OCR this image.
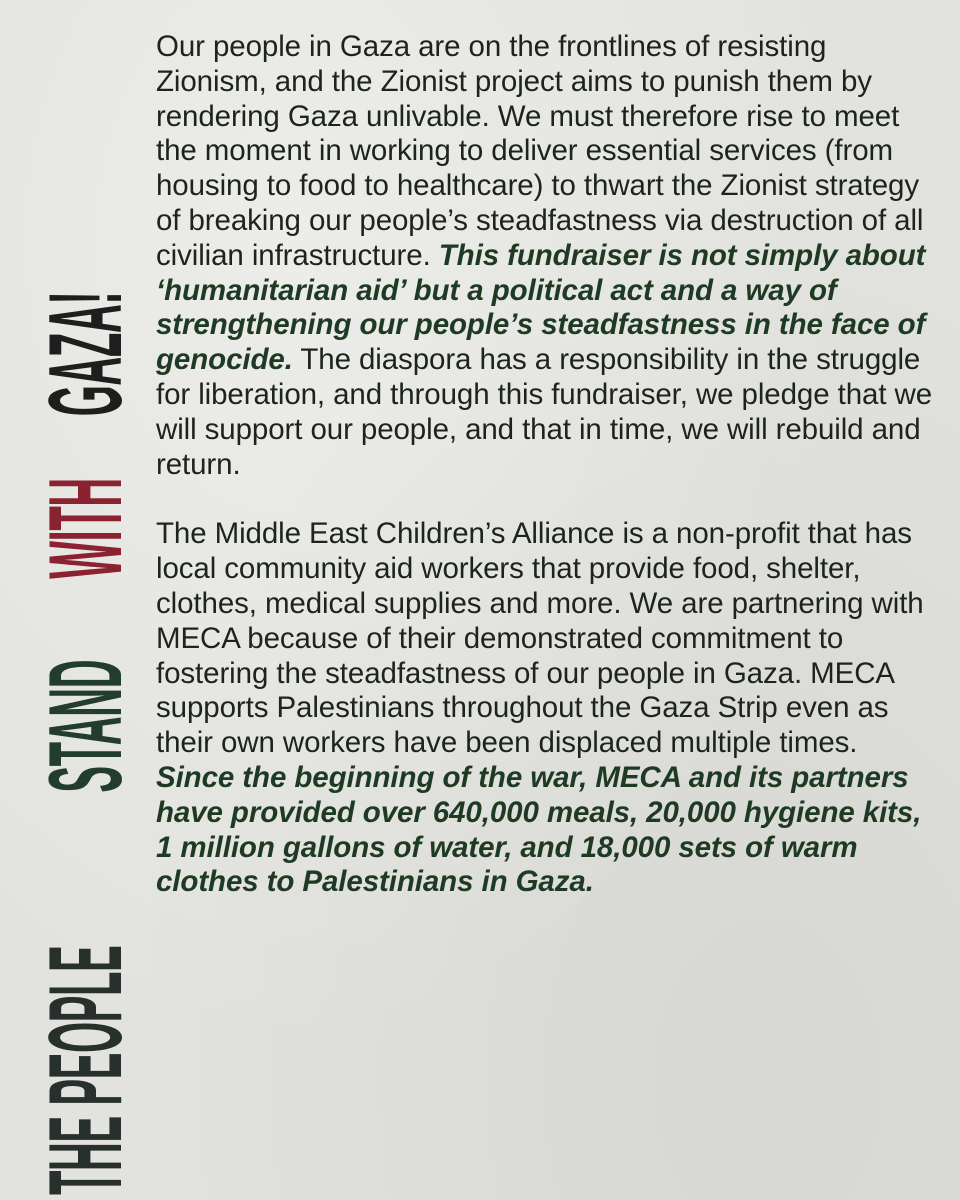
THE PEOPLESTANDWITHGAZA!

Our people in Gaza are on the frontlines of resisting Zionism, and the Zionist project aims to punish them by rendering Gaza unlivable. We must therefore rise to meet the moment in working to deliver essential services (from housing to food to healthcare) to thwart the Zionist strategy of breaking our people’s steadfastness via destruction of all civilian infrastructure. This fundraiser is not simply about ‘humanitarian aid’ but a political act and a way of strengthening our people’s steadfastness in the face of genocide. The diaspora has a responsibility in the struggle for liberation, and through this fundraiser, we pledge that we will support our people, and that in time, we will rebuild and return.

The Middle East Children’s Alliance is a non-profit that has local community aid workers that provide food, shelter, clothes, medical supplies and more. We are partnering with MECA because of their demonstrated commitment to fostering the steadfastness of our people in Gaza. MECA supports Palestinians throughout the Gaza Strip even as their own workers have been displaced multiple times. Since the beginning of the war, MECA and its partners have provided over 640,000 meals, 20,000 hygiene kits, 1 million gallons of water, and 18,000 sets of warm clothes to Palestinians in Gaza.
